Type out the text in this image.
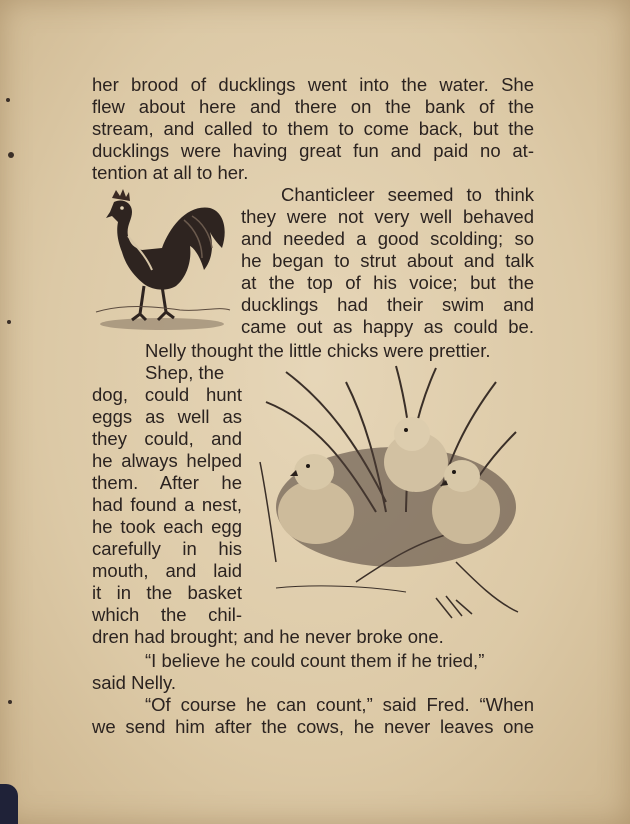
her brood of ducklings went into the water. She
flew about here and there on the bank of the
stream, and called to them to come back, but the
ducklings were having great fun and paid no at-
tention at all to her.
Chanticleer seemed to think
they were not very well behaved
and needed a good scolding; so
he began to strut about and talk
at the top of his voice; but the
ducklings had their swim and
came out as happy as could be.
Nelly thought the little chicks were prettier.
Shep, the
dog, could hunt
eggs as well as
they could, and
he always helped
them. After he
had found a nest,
he took each egg
carefully in his
mouth, and laid
it in the basket
which the chil-
dren had brought; and he never broke one.
“I believe he could count them if he tried,”
said Nelly.
“Of course he can count,” said Fred. “When
we send him after the cows, he never leaves one
